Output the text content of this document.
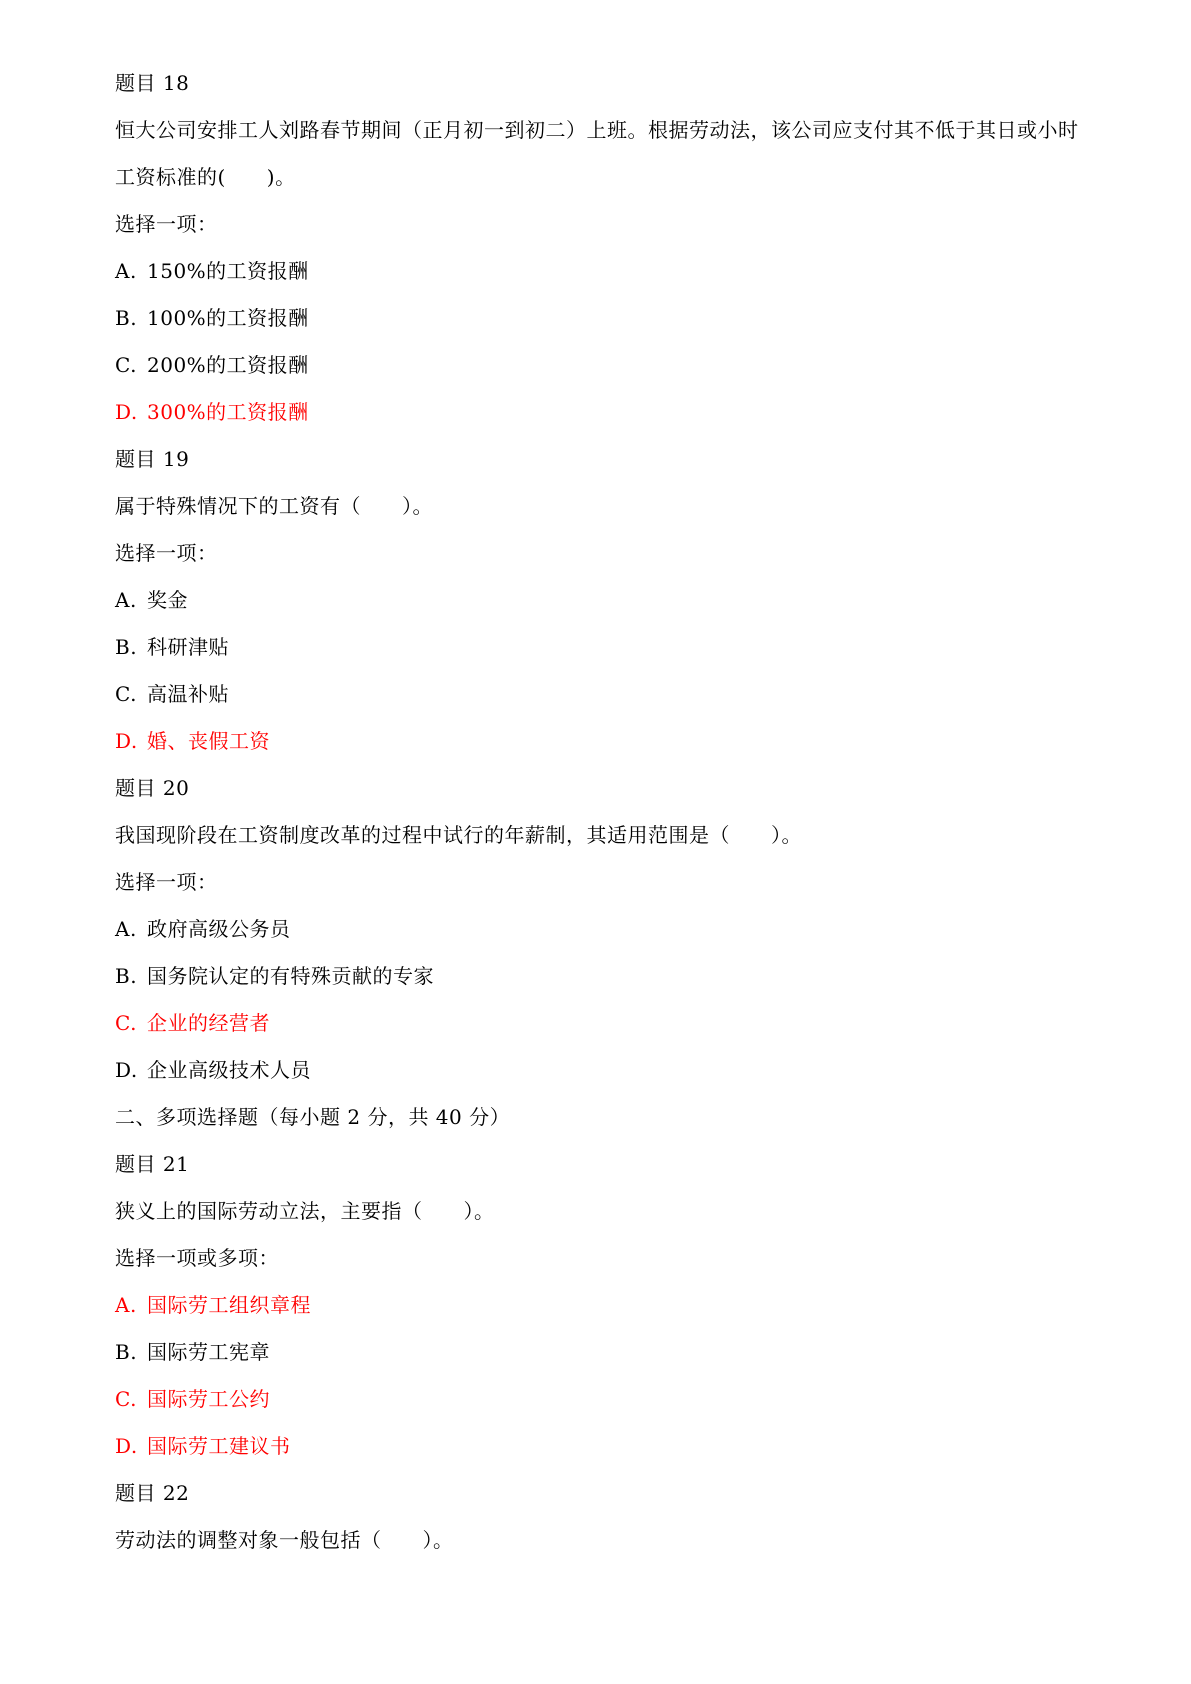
题目 18
恒大公司安排工人刘路春节期间（正月初一到初二）上班。根据劳动法，该公司应支付其不低于其日或小时工资标准的(　　)。
选择一项：
A. 150%的工资报酬
B. 100%的工资报酬
C. 200%的工资报酬
D. 300%的工资报酬
题目 19
属于特殊情况下的工资有（　　）。
选择一项：
A. 奖金
B. 科研津贴
C. 高温补贴
D. 婚、丧假工资
题目 20
我国现阶段在工资制度改革的过程中试行的年薪制，其适用范围是（　　）。
选择一项：
A. 政府高级公务员
B. 国务院认定的有特殊贡献的专家
C. 企业的经营者
D. 企业高级技术人员
二、多项选择题（每小题 2 分，共 40 分）
题目 21
狭义上的国际劳动立法，主要指（　　）。
选择一项或多项：
A. 国际劳工组织章程
B. 国际劳工宪章
C. 国际劳工公约
D. 国际劳工建议书
题目 22
劳动法的调整对象一般包括（　　）。
